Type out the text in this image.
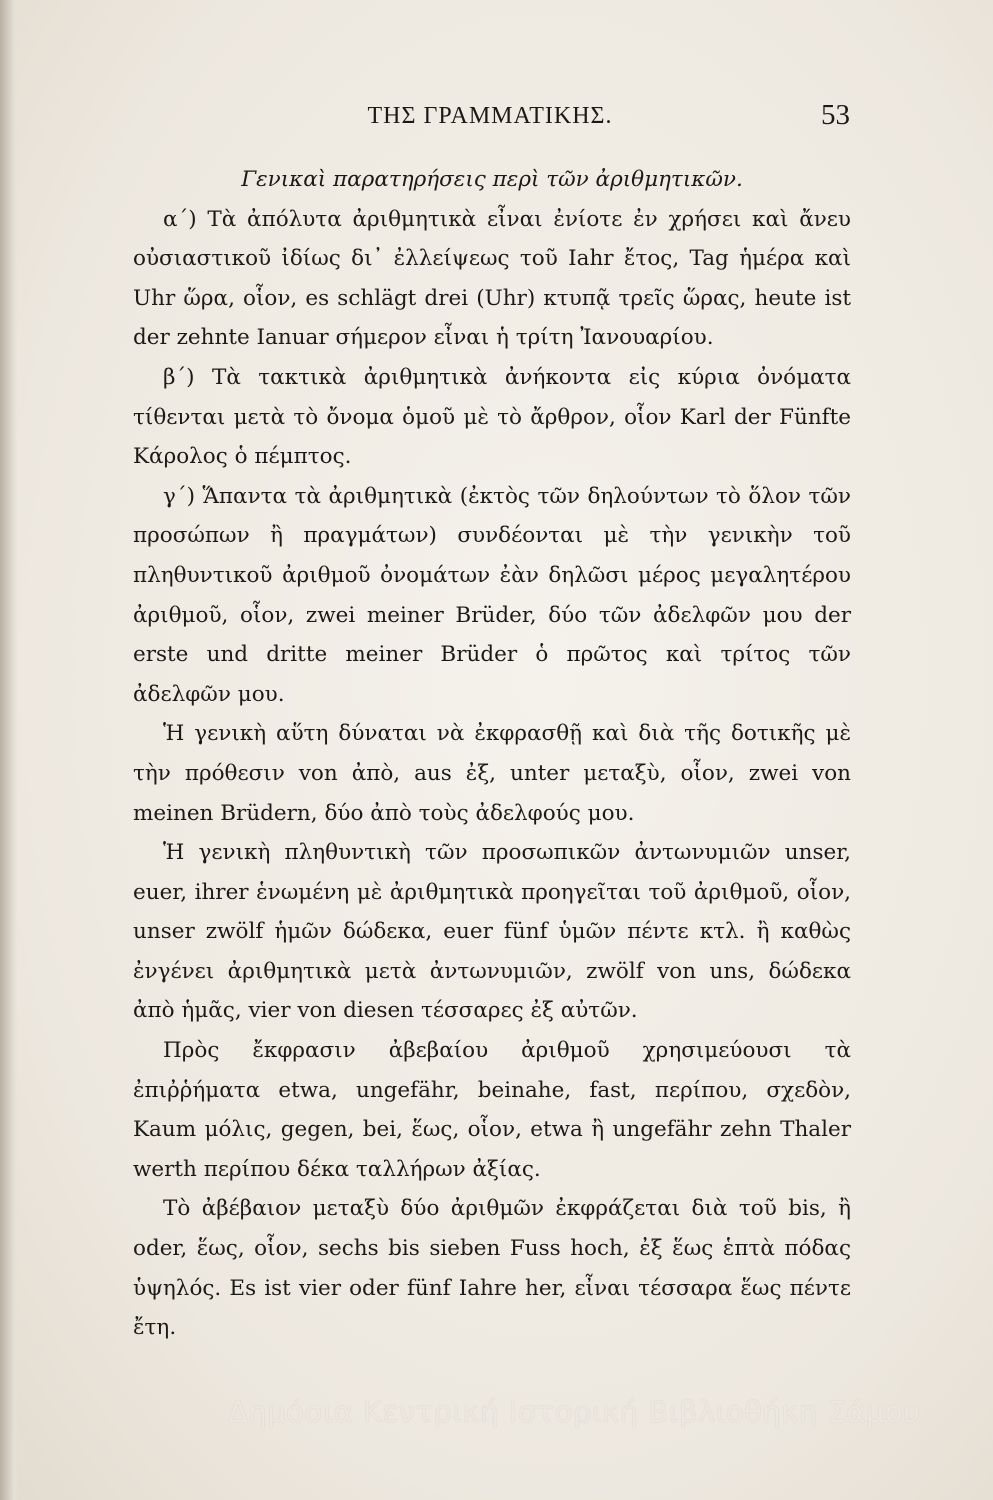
ΤΗΣ ΓΡΑΜΜΑΤΙΚΗΣ.	53

Γενικαὶ παρατηρήσεις περὶ τῶν ἀριθμητικῶν.

α´) Τὰ ἀπόλυτα ἀριθμητικὰ εἶναι ἐνίοτε ἐν χρήσει καὶ ἄνευ οὐσιαστικοῦ ἰδίως δι᾽ ἐλλείψεως τοῦ Iahr ἔτος, Tag ἡμέρα καὶ Uhr ὥρα, οἷον, es schlägt drei (Uhr) κτυπᾷ τρεῖς ὥρας, heute ist der zehnte Ianuar σήμερον εἶναι ἡ τρίτη Ἰανουαρίου.

β´) Τὰ τακτικὰ ἀριθμητικὰ ἀνήκοντα εἰς κύρια ὀνόματα τίθενται μετὰ τὸ ὄνομα ὁμοῦ μὲ τὸ ἄρθρον, οἷον Karl der Fünfte Κάρολος ὁ πέμπτος.

γ´) Ἅπαντα τὰ ἀριθμητικὰ (ἐκτὸς τῶν δηλούντων τὸ ὅλον τῶν προσώπων ἢ πραγμάτων) συνδέονται μὲ τὴν γενικὴν τοῦ πληθυντικοῦ ἀριθμοῦ ὀνομάτων ἐὰν δηλῶσι μέρος μεγαλητέρου ἀριθμοῦ, οἷον, zwei meiner Brüder, δύο τῶν ἀδελφῶν μου der erste und dritte meiner Brüder ὁ πρῶτος καὶ τρίτος τῶν ἀδελφῶν μου.

Ἡ γενικὴ αὕτη δύναται νὰ ἐκφρασθῇ καὶ διὰ τῆς δοτικῆς μὲ τὴν πρόθεσιν von ἀπὸ, aus ἐξ, unter μεταξὺ, οἷον, zwei von meinen Brüdern, δύο ἀπὸ τοὺς ἀδελφούς μου.

Ἡ γενικὴ πληθυντικὴ τῶν προσωπικῶν ἀντωνυμιῶν unser, euer, ihrer ἑνωμένη μὲ ἀριθμητικὰ προηγεῖται τοῦ ἀριθμοῦ, οἷον, unser zwölf ἡμῶν δώδεκα, euer fünf ὑμῶν πέντε κτλ. ἢ καθὼς ἐνγένει ἀριθμητικὰ μετὰ ἀντωνυμιῶν, zwölf von uns, δώδεκα ἀπὸ ἡμᾶς, vier von diesen τέσσαρες ἐξ αὐτῶν.

Πρὸς ἔκφρασιν ἀβεβαίου ἀριθμοῦ χρησιμεύουσι τὰ ἐπιῤῥήματα etwa, ungefähr, beinahe, fast, περίπου, σχεδὸν, Kaum μόλις, gegen, bei, ἕως, οἷον, etwa ἢ ungefähr zehn Thaler werth περίπου δέκα ταλλήρων ἀξίας.

Τὸ ἀβέβαιον μεταξὺ δύο ἀριθμῶν ἐκφράζεται διὰ τοῦ bis, ἢ oder, ἕως, οἷον, sechs bis sieben Fuss hoch, ἐξ ἕως ἑπτὰ πόδας ὑψηλός. Es ist vier oder fünf Iahre her, εἶναι τέσσαρα ἕως πέντε ἔτη.

Δημόσια Κεντρική Ιστορική Βιβλιοθήκη Σάμου
